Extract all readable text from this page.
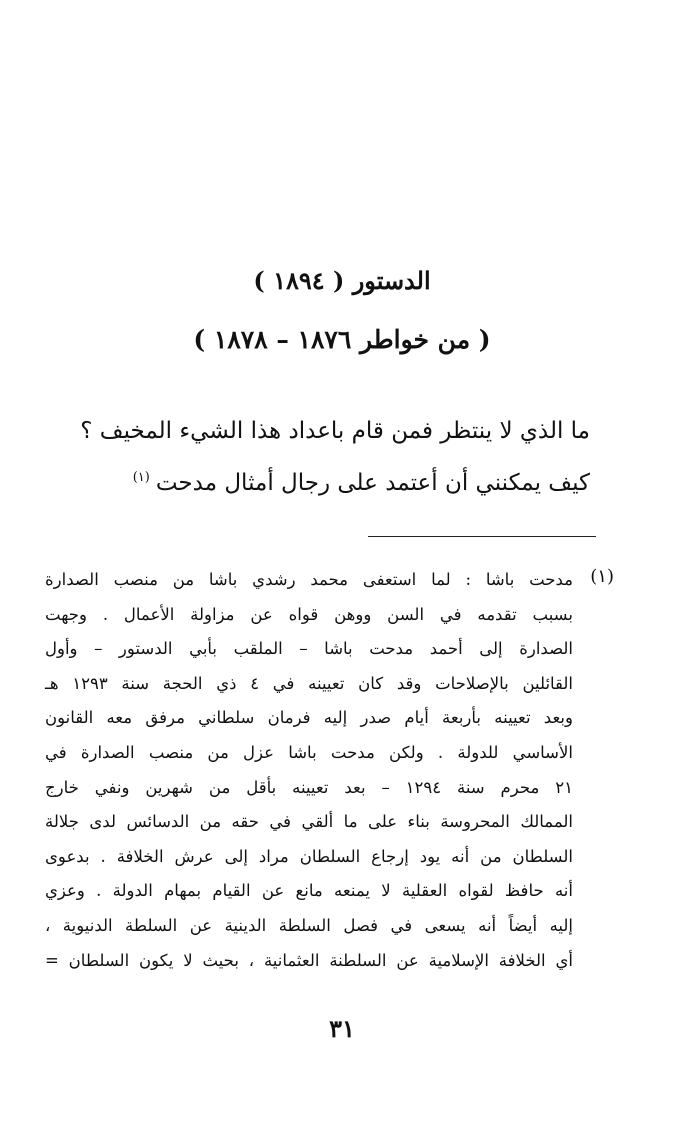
الدستور ( ١٨٩٤ )
( من خواطر ١٨٧٦ – ١٨٧٨ )
ما الذي لا ينتظر فمن قام باعداد هذا الشيء المخيف ؟
كيف يمكنني أن أعتمد على رجال أمثال مدحت$^{(١)}$
(١)
مدحت باشا : لما استعفى محمد رشدي باشا من منصب الصدارة
بسبب تقدمه في السن ووهن قواه عن مزاولة الأعمال . وجهت
الصدارة إلى أحمد مدحت باشا – الملقب بأبي الدستور – وأول
القائلين بالإصلاحات وقد كان تعيينه في ٤ ذي الحجة سنة ١٢٩٣ هـ
وبعد تعيينه بأربعة أيام صدر إليه فرمان سلطاني مرفق معه القانون
الأساسي للدولة . ولكن مدحت باشا عزل من منصب الصدارة في
٢١ محرم سنة ١٢٩٤ – بعد تعيينه بأقل من شهرين ونفي خارج
الممالك المحروسة بناء على ما ألقي في حقه من الدسائس لدى جلالة
السلطان من أنه يود إرجاع السلطان مراد إلى عرش الخلافة . بدعوى
أنه حافظ لقواه العقلية لا يمنعه مانع عن القيام بمهام الدولة . وعزي
إليه أيضاً أنه يسعى في فصل السلطة الدينية عن السلطة الدنيوية ،
أي الخلافة الإسلامية عن السلطنة العثمانية ، بحيث لا يكون السلطان =
٣١
